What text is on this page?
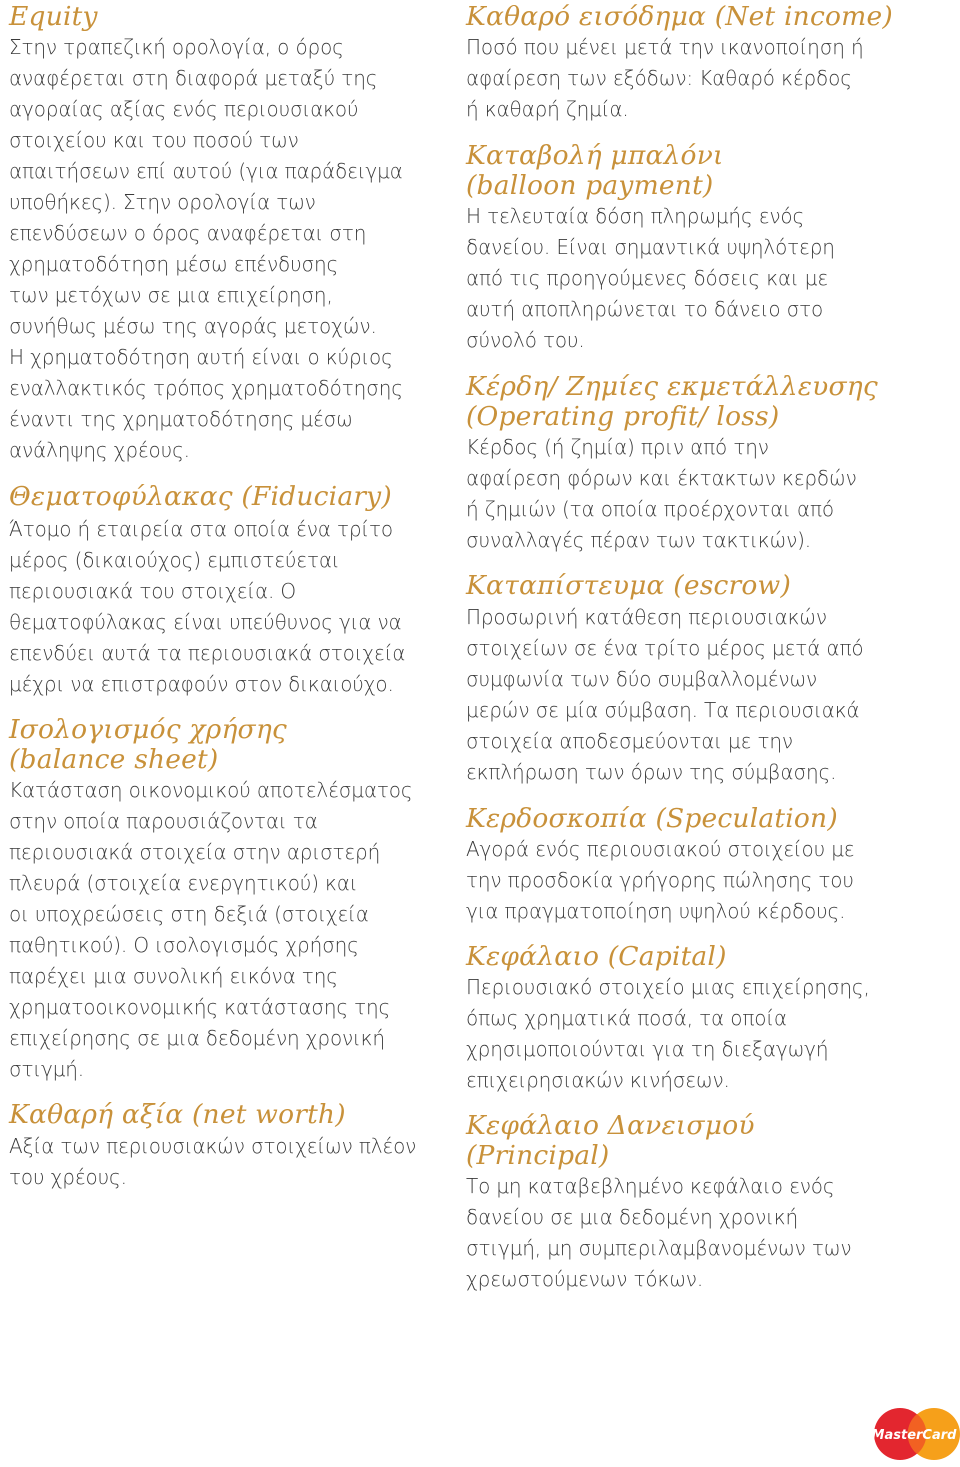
Equity

Στην τραπεζική ορολογία, ο όρος
αναφέρεται στη διαφορά μεταξύ της
αγοραίας αξίας ενός περιουσιακού
στοιχείου και του ποσού των
απαιτήσεων επί αυτού (για παράδειγμα
υποθήκες). Στην ορολογία των
επενδύσεων ο όρος αναφέρεται στη
χρηματοδότηση μέσω επένδυσης
των μετόχων σε μια επιχείρηση,
συνήθως μέσω της αγοράς μετοχών.
Η χρηματοδότηση αυτή είναι ο κύριος
εναλλακτικός τρόπος χρηματοδότησης
έναντι της χρηματοδότησης μέσω
ανάληψης χρέους.

Θεματοφύλακας (Fiduciary)

Άτομο ή εταιρεία στα οποία ένα τρίτο
μέρος (δικαιούχος) εμπιστεύεται
περιουσιακά του στοιχεία. Ο
θεματοφύλακας είναι υπεύθυνος για να
επενδύει αυτά τα περιουσιακά στοιχεία
μέχρι να επιστραφούν στον δικαιούχο.

Ισολογισμός χρήσης
(balance sheet)

Κατάσταση οικονομικού αποτελέσματος
στην οποία παρουσιάζονται τα
περιουσιακά στοιχεία στην αριστερή
πλευρά (στοιχεία ενεργητικού) και
οι υποχρεώσεις στη δεξιά (στοιχεία
παθητικού). Ο ισολογισμός χρήσης
παρέχει μια συνολική εικόνα της
χρηματοοικονομικής κατάστασης της
επιχείρησης σε μια δεδομένη χρονική
στιγμή.

Καθαρή αξία (net worth)

Αξία των περιουσιακών στοιχείων πλέον
του χρέους.

Καθαρό εισόδημα (Net income)

Ποσό που μένει μετά την ικανοποίηση ή
αφαίρεση των εξόδων: Καθαρό κέρδος
ή καθαρή ζημία.

Καταβολή μπαλόνι
(balloon payment)

Η τελευταία δόση πληρωμής ενός
δανείου. Είναι σημαντικά υψηλότερη
από τις προηγούμενες δόσεις και με
αυτή αποπληρώνεται το δάνειο στο
σύνολό του.

Κέρδη/ Ζημίες εκμετάλλευσης
(Operating profit/ loss)

Κέρδος (ή ζημία) πριν από την
αφαίρεση φόρων και έκτακτων κερδών
ή ζημιών (τα οποία προέρχονται από
συναλλαγές πέραν των τακτικών).

Καταπίστευμα (escrow)

Προσωρινή κατάθεση περιουσιακών
στοιχείων σε ένα τρίτο μέρος μετά από
συμφωνία των δύο συμβαλλομένων
μερών σε μία σύμβαση. Τα περιουσιακά
στοιχεία αποδεσμεύονται με την
εκπλήρωση των όρων της σύμβασης.

Κερδοσκοπία (Speculation)

Αγορά ενός περιουσιακού στοιχείου με
την προσδοκία γρήγορης πώλησης του
για πραγματοποίηση υψηλού κέρδους.

Κεφάλαιο (Capital)

Περιουσιακό στοιχείο μιας επιχείρησης,
όπως χρηματικά ποσά, τα οποία
χρησιμοποιούνται για τη διεξαγωγή
επιχειρησιακών κινήσεων.

Κεφάλαιο Δανεισμού (Principal)

Το μη καταβεβλημένο κεφάλαιο ενός
δανείου σε μια δεδομένη χρονική
στιγμή, μη συμπεριλαμβανομένων των
χρεωστούμενων τόκων.

MasterCard
